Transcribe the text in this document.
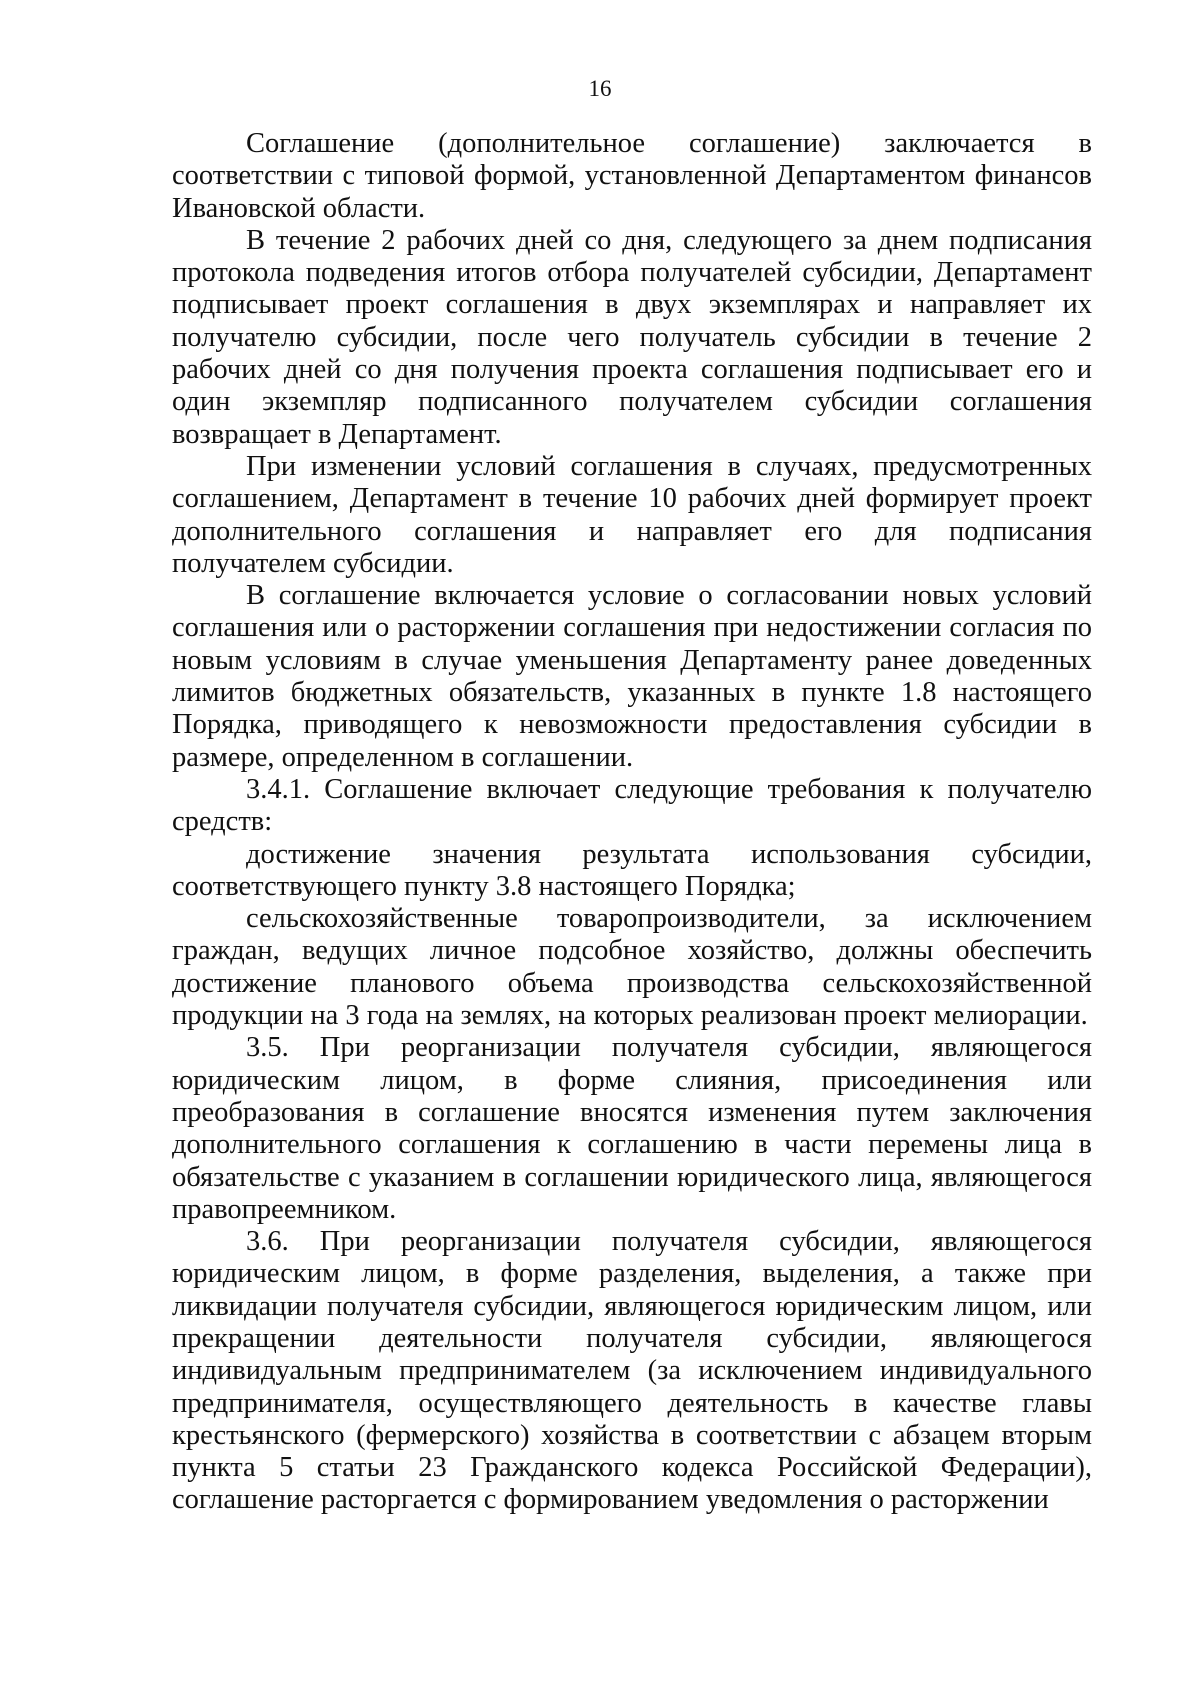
16

Соглашение (дополнительное соглашение) заключается в соответствии с типовой формой, установленной Департаментом финансов Ивановской области.

В течение 2 рабочих дней со дня, следующего за днем подписания протокола подведения итогов отбора получателей субсидии, Департамент подписывает проект соглашения в двух экземплярах и направляет их получателю субсидии, после чего получатель субсидии в течение 2 рабочих дней со дня получения проекта соглашения подписывает его и один экземпляр подписанного получателем субсидии соглашения возвращает в Департамент.

При изменении условий соглашения в случаях, предусмотренных соглашением, Департамент в течение 10 рабочих дней формирует проект дополнительного соглашения и направляет его для подписания получателем субсидии.

В соглашение включается условие о согласовании новых условий соглашения или о расторжении соглашения при недостижении согласия по новым условиям в случае уменьшения Департаменту ранее доведенных лимитов бюджетных обязательств, указанных в пункте 1.8 настоящего Порядка, приводящего к невозможности предоставления субсидии в размере, определенном в соглашении.

3.4.1. Соглашение включает следующие требования к получателю средств:

достижение значения результата использования субсидии, соответствующего пункту 3.8 настоящего Порядка;

сельскохозяйственные товаропроизводители, за исключением граждан, ведущих личное подсобное хозяйство, должны обеспечить достижение планового объема производства сельскохозяйственной продукции на 3 года на землях, на которых реализован проект мелиорации.

3.5. При реорганизации получателя субсидии, являющегося юридическим лицом, в форме слияния, присоединения или преобразования в соглашение вносятся изменения путем заключения дополнительного соглашения к соглашению в части перемены лица в обязательстве с указанием в соглашении юридического лица, являющегося правопреемником.

3.6. При реорганизации получателя субсидии, являющегося юридическим лицом, в форме разделения, выделения, а также при ликвидации получателя субсидии, являющегося юридическим лицом, или прекращении деятельности получателя субсидии, являющегося индивидуальным предпринимателем (за исключением индивидуального предпринимателя, осуществляющего деятельность в качестве главы крестьянского (фермерского) хозяйства в соответствии с абзацем вторым пункта 5 статьи 23 Гражданского кодекса Российской Федерации), соглашение расторгается с формированием уведомления о расторжении
